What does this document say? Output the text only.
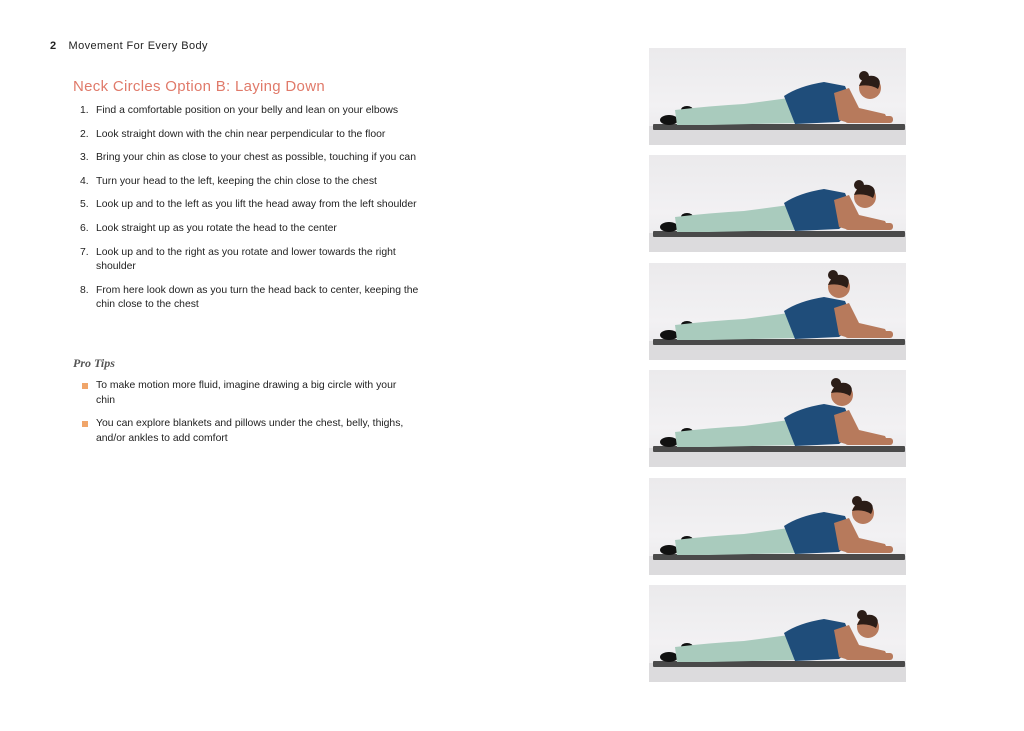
2 Movement For Every Body
Neck Circles Option B: Laying Down
1. Find a comfortable position on your belly and lean on your elbows
2. Look straight down with the chin near perpendicular to the floor
3. Bring your chin as close to your chest as possible, touching if you can
4. Turn your head to the left, keeping the chin close to the chest
5. Look up and to the left as you lift the head away from the left shoulder
6. Look straight up as you rotate the head to the center
7. Look up and to the right as you rotate and lower towards the right shoulder
8. From here look down as you turn the head back to center, keeping the chin close to the chest
Pro Tips
To make motion more fluid, imagine drawing a big circle with your chin
You can explore blankets and pillows under the chest, belly, thighs, and/or ankles to add comfort
